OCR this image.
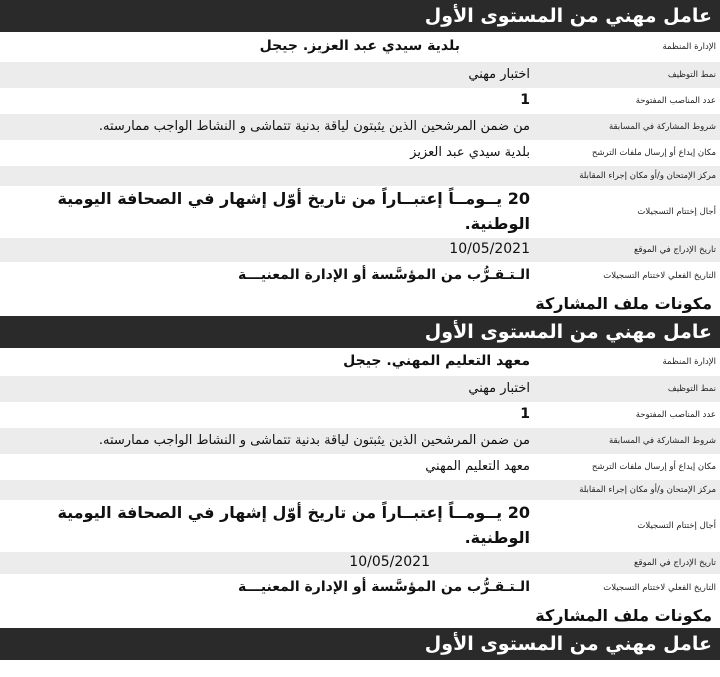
عامل مهني من المستوى الأول
الإدارة المنظمة
بلدية سيدي عبد العزيز. جيجل
نمط التوظيف
اختبار مهني
عدد المناصب المفتوحة
1
شروط المشاركة في المسابقة
من ضمن المرشحين الذين يثبتون لياقة بدنية تتماشى و النشاط الواجب ممارسته.
مكان إيداع أو إرسال ملفات الترشح
بلدية سيدي عبد العزيز
مركز الإمتحان و/أو مكان إجراء المقابلة
أجال إختتام التسجيلات
20 يــومــاً إعتبــاراً من تاريخ أوّل إشهار في الصحافة اليومية الوطنية.
تاريخ الإدراج في الموقع
10/05/2021
التاريخ الفعلي لاختتام التسجيلات
الـتـقـرُّب من المؤسَّسة أو الإدارة المعنيـــة
مكونات ملف المشاركة
عامل مهني من المستوى الأول
الإدارة المنظمة
معهد التعليم المهني. جيجل
نمط التوظيف
اختبار مهني
عدد المناصب المفتوحة
1
شروط المشاركة في المسابقة
من ضمن المرشحين الذين يثبتون لياقة بدنية تتماشى و النشاط الواجب ممارسته.
مكان إيداع أو إرسال ملفات الترشح
معهد التعليم المهني
مركز الإمتحان و/أو مكان إجراء المقابلة
أجال إختتام التسجيلات
20 يــومــاً إعتبــاراً من تاريخ أوّل إشهار في الصحافة اليومية الوطنية.
تاريخ الإدراج في الموقع
10/05/2021
التاريخ الفعلي لاختتام التسجيلات
الـتـقـرُّب من المؤسَّسة أو الإدارة المعنيـــة
مكونات ملف المشاركة
عامل مهني من المستوى الأول
